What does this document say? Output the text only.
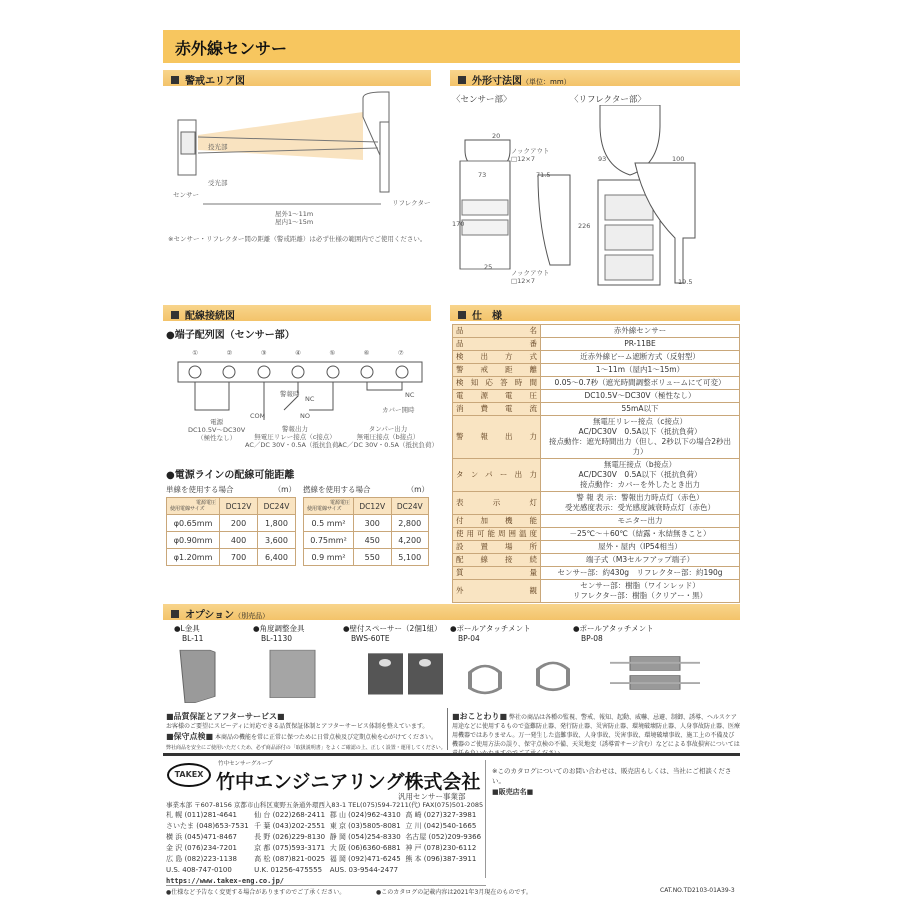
赤外線センサー
警戒エリア図
投光部
受光部
センサー
リフレクター
屋外1～11m
屋内1～15m
※センサー・リフレクター間の距離（警戒距離）は必ず仕様の範囲内でご使用ください。
外形寸法図（単位：mm）
〈センサー部〉	〈リフレクター部〉
20
ノックアウト
□12×7
73	71.5
170
25
ノックアウト
□12×7
93	100
226
19.5
配線接続図
●端子配列図（センサー部）
①	②	③	④	⑤	⑥	⑦
警報時
NC
COM	NO
NC
カバー開時
電源
DC10.5V～DC30V
（極性なし）
警報出力
無電圧リレー接点（c接点）
AC／DC 30V・0.5A（抵抗負荷）
タンパー出力
無電圧接点（b接点）
AC／DC 30V・0.5A（抵抗負荷）
●電源ラインの配線可能距離
単線を使用する場合	（m）
電源電圧
使用電線サイズ	DC12V	DC24V
φ0.65mm	200	1,800
φ0.90mm	400	3,600
φ1.20mm	700	6,400
撚線を使用する場合	（m）
電源電圧
使用電線サイズ	DC12V	DC24V
0.5 mm²	300	2,800
0.75mm²	450	4,200
0.9 mm²	550	5,100
仕　様
品名	赤外線センサー

品番	PR-11BE

検出方式	近赤外線ビーム遮断方式（反射型）

警戒距離	1～11m（屋内1～15m）

検知応答時間	0.05～0.7秒（遮光時間調整ボリュームにて可変）

電源電圧	DC10.5V～DC30V（極性なし）

消費電流	55mA以下

警報出力	無電圧リレー接点（c接点）
AC/DC30V　0.5A以下（抵抗負荷）
接点動作：遮光時間出力（但し、2秒以下の場合2秒出力）

タンパー出力	無電圧接点（b接点）
AC/DC30V　0.5A以下（抵抗負荷）
接点動作：カバーを外したとき出力

表示灯	警 報 表 示：警報出力時点灯（赤色）
受光感度表示：受光感度減衰時点灯（赤色）

付加機能	モニター出力

使用可能周囲温度	－25℃～＋60℃（結露・氷結無きこと）

設置場所	屋外・屋内（IP54相当）

配線接続	端子式（M3セルフアップ端子）

質量	センサー部：約430g　リフレクター部：約190g

外観	センサー部：樹脂（ワインレッド）
リフレクター部：樹脂（クリアー・黒）
オプション（別売品）
●L金具
BL-11
●角度調整金具
BL-1130
●壁付スペーサー（2個1組）
BWS-60TE
●ポールアタッチメント
BP-04
●ポールアタッチメント
BP-08
■品質保証とアフターサービス■
お客様のご要望にスピーディに対応できる品質保証体制とアフターサービス体制を整えています。
■保守点検■ 本商品の機能を常に正常に保つために日常点検及び定期点検を心がけてください。
弊社商品を安全にご使用いただくため、必ず商品添付の「取扱説明書」をよくご確認の上、正しく設置・運用してください。
■おことわり■ 弊社の商品は各種の監視、警戒、報知、起動、威嚇、忌避、制御、誘導、ヘルスケア用途などに使用するもので盗難防止器、発行防止器、災害防止器、環境破壊防止器、人身事故防止器、医療用機器ではありません。万一発生した盗難事故、人身事故、災害事故、環境破壊事故、施工上の不備及び機器のご使用方法の誤り、保守点検の不備、天災地変（誘導雷サージ含む）などによる事故損害については
TAKEX
竹中センサーグループ
竹中エンジニアリング株式会社
汎用センサー事業部
事業本部 〒607-8156 京都市山科区東野五条通外環西入83-1 TEL(075)594-7211(代) FAX(075)501-2085
札 幌 (011)281-4641	仙 台 (022)268-2411	郡 山 (024)962-4310	高 崎 (027)327-3981
さいたま (048)653-7531	千 葉 (043)202-2551	東 京 (03)5805-8081	立 川 (042)540-1665
横 浜 (045)471-8467	長 野 (026)229-8130	静 岡 (054)254-8330	名古屋 (052)209-9366
金 沢 (076)234-7201	京 都 (075)593-3171	大 阪 (06)6360-6881	神 戸 (078)230-6112
広 島 (082)223-1138	高 松 (087)821-0025	福 岡 (092)471-6245	熊 本 (096)387-3911
U.S. 408-747-0100	U.K. 01256-475555	AUS. 03-9544-2477	
https://www.takex-eng.co.jp/
※このカタログについてのお問い合わせは、販売店もしくは、当社にご相談ください。
■販売店名■
●仕様など予告なく変更する場合がありますのでご了承ください。	●このカタログの記載内容は2021年3月現在のものです。	CAT.NO.TD2103-01A39-3
